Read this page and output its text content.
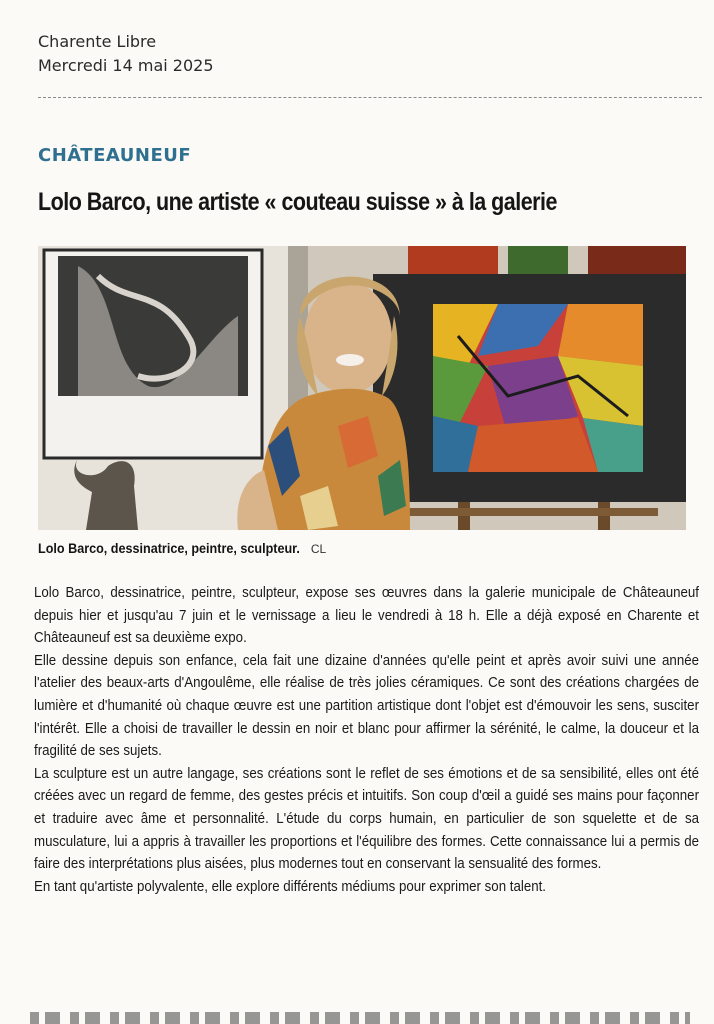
Charente Libre
Mercredi 14 mai 2025
CHÂTEAUNEUF
Lolo Barco, une artiste « couteau suisse » à la galerie
Lolo Barco, dessinatrice, peintre, sculpteur. CL

Lolo Barco, dessinatrice, peintre, sculpteur, expose ses œuvres dans la galerie municipale de Châteauneuf depuis hier et jusqu'au 7 juin et le vernissage a lieu le vendredi à 18 h. Elle a déjà exposé en Charente et Châteauneuf est sa deuxième expo.

Elle dessine depuis son enfance, cela fait une dizaine d'années qu'elle peint et après avoir suivi une année l'atelier des beaux-arts d'Angoulême, elle réalise de très jolies céramiques. Ce sont des créations chargées de lumière et d'humanité où chaque œuvre est une partition artistique dont l'objet est d'émouvoir les sens, susciter l'intérêt. Elle a choisi de travailler le dessin en noir et blanc pour affirmer la sérénité, le calme, la douceur et la fragilité de ses sujets.

La sculpture est un autre langage, ses créations sont le reflet de ses émotions et de sa sensibilité, elles ont été créées avec un regard de femme, des gestes précis et intuitifs. Son coup d'œil a guidé ses mains pour façonner et traduire avec âme et personnalité. L'étude du corps humain, en particulier de son squelette et de sa musculature, lui a appris à travailler les proportions et l'équilibre des formes. Cette connaissance lui a permis de faire des interprétations plus aisées, plus modernes tout en conservant la sensualité des formes.

En tant qu'artiste polyvalente, elle explore différents médiums pour exprimer son talent.
